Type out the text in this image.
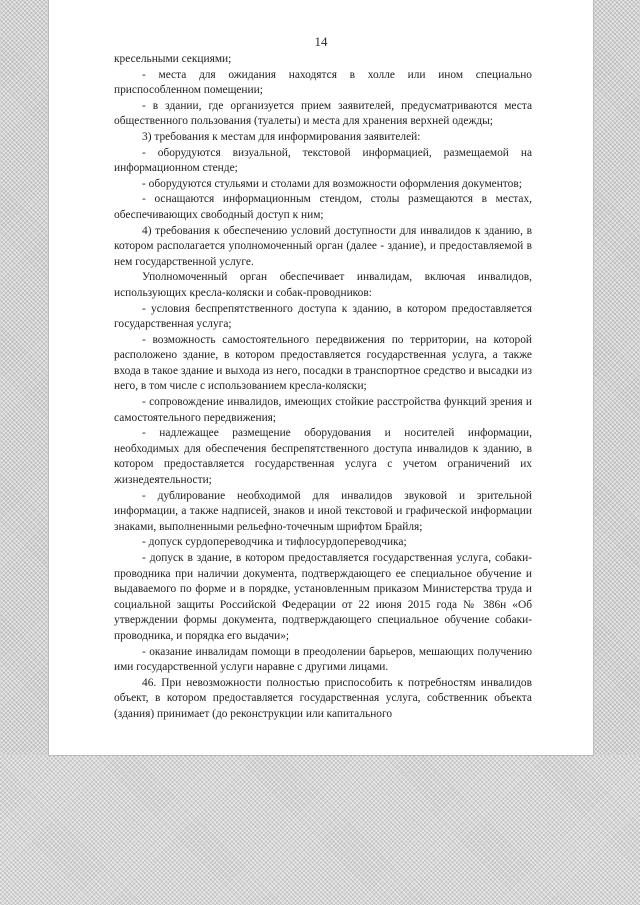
14

кресельными секциями;

- места для ожидания находятся в холле или ином специально приспособленном помещении;

- в здании, где организуется прием заявителей, предусматриваются места общественного пользования (туалеты) и места для хранения верхней одежды;

3) требования к местам для информирования заявителей:

- оборудуются визуальной, текстовой информацией, размещаемой на информационном стенде;

- оборудуются стульями и столами для возможности оформления документов;

- оснащаются информационным стендом, столы размещаются в местах, обеспечивающих свободный доступ к ним;

4) требования к обеспечению условий доступности для инвалидов к зданию, в котором располагается уполномоченный орган (далее - здание), и предоставляемой в нем государственной услуге.

Уполномоченный орган обеспечивает инвалидам, включая инвалидов, использующих кресла-коляски и собак-проводников:

- условия беспрепятственного доступа к зданию, в котором предоставляется государственная услуга;

- возможность самостоятельного передвижения по территории, на которой расположено здание, в котором предоставляется государственная услуга, а также входа в такое здание и выхода из него, посадки в транспортное средство и высадки из него, в том числе с использованием кресла-коляски;

- сопровождение инвалидов, имеющих стойкие расстройства функций зрения и самостоятельного передвижения;

- надлежащее размещение оборудования и носителей информации, необходимых для обеспечения беспрепятственного доступа инвалидов к зданию, в котором предоставляется государственная услуга с учетом ограничений их жизнедеятельности;

- дублирование необходимой для инвалидов звуковой и зрительной информации, а также надписей, знаков и иной текстовой и графической информации знаками, выполненными рельефно-точечным шрифтом Брайля;

- допуск сурдопереводчика и тифлосурдопереводчика;

- допуск в здание, в котором предоставляется государственная услуга, собаки-проводника при наличии документа, подтверждающего ее специальное обучение и выдаваемого по форме и в порядке, установленным приказом Министерства труда и социальной защиты Российской Федерации от 22 июня 2015 года № 386н «Об утверждении формы документа, подтверждающего специальное обучение собаки-проводника, и порядка его выдачи»;

- оказание инвалидам помощи в преодолении барьеров, мешающих получению ими государственной услуги наравне с другими лицами.

46. При невозможности полностью приспособить к потребностям инвалидов объект, в котором предоставляется государственная услуга, собственник объекта (здания) принимает (до реконструкции или капитального
